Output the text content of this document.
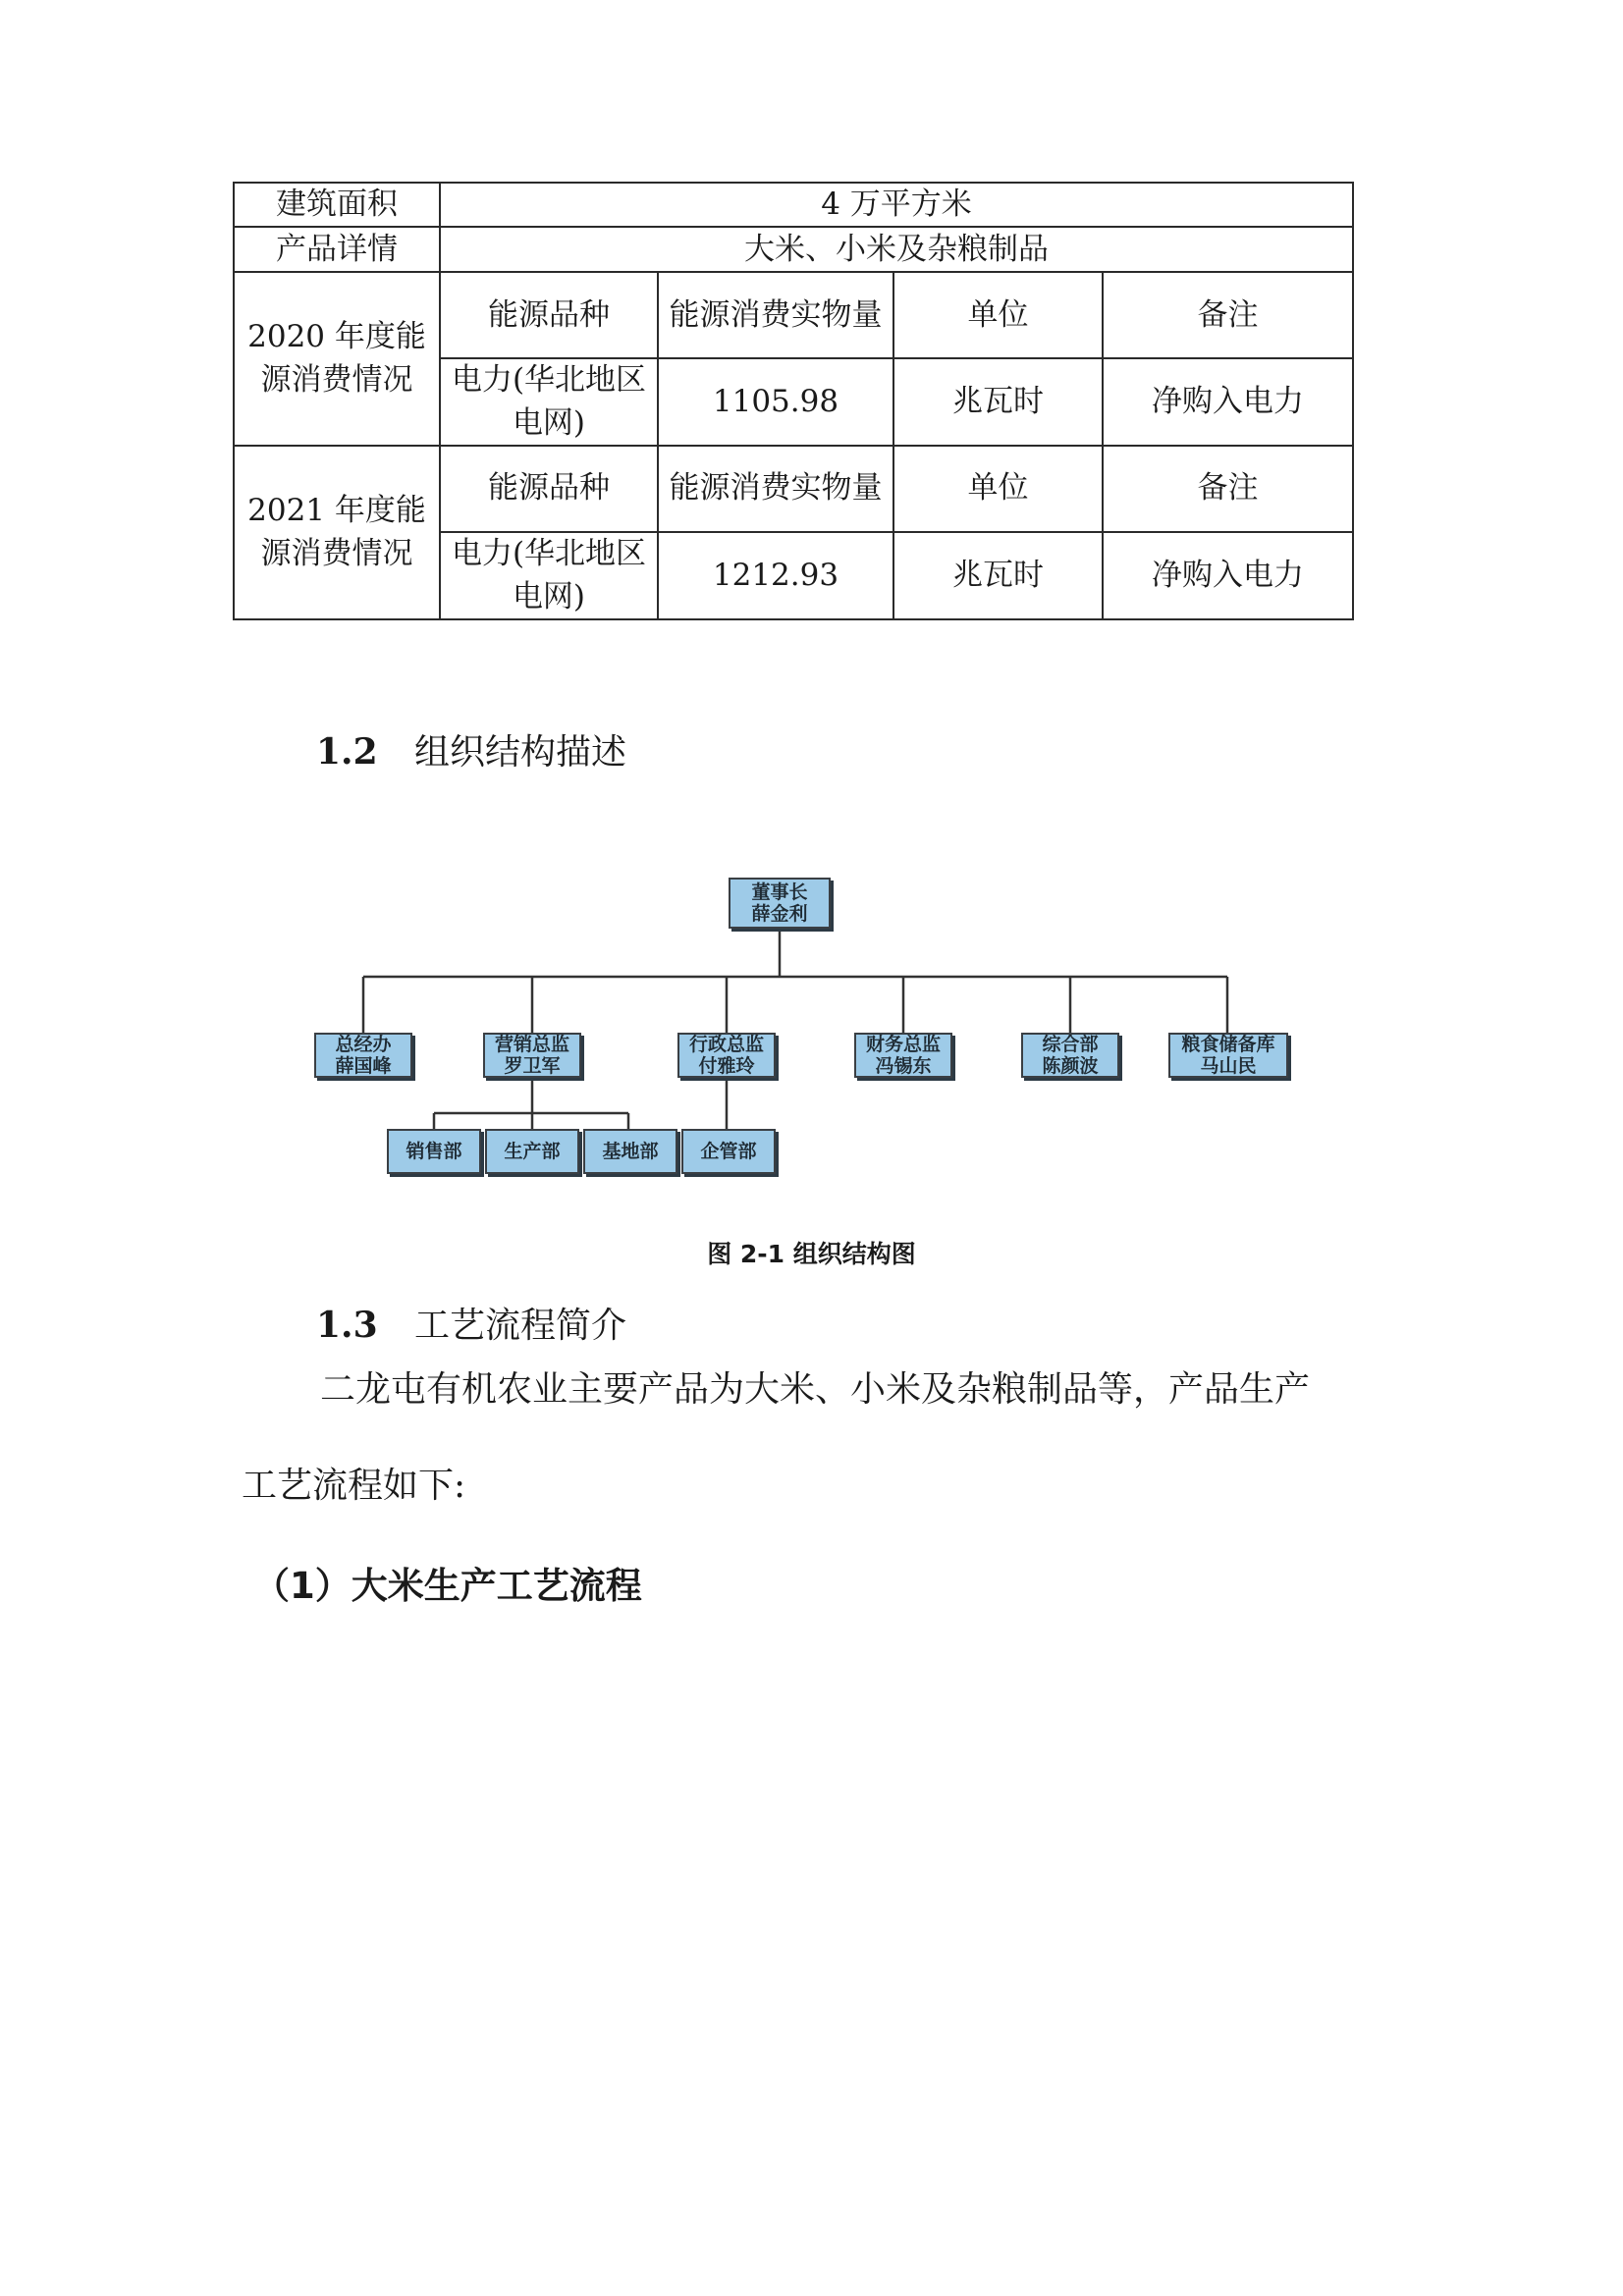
建筑面积	4 万平方米			
产品详情	大米、小米及杂粮制品			
2020 年度能源消费情况	能源品种	能源消费实物量	单位	备注
	电力(华北地区电网)	1105.98	兆瓦时	净购入电力
2021 年度能源消费情况	能源品种	能源消费实物量	单位	备注
	电力(华北地区电网)	1212.93	兆瓦时	净购入电力
1.2 组织结构描述
董事长
薛金利
总经办
薛国峰
营销总监
罗卫军
行政总监
付雅玲
财务总监
冯锡东
综合部
陈颜波
粮食储备库
马山民
销售部	生产部	基地部	企管部
图 2-1 组织结构图
1.3 工艺流程简介
二龙屯有机农业主要产品为大米、小米及杂粮制品等，产品生产
工艺流程如下:
（1）大米生产工艺流程
